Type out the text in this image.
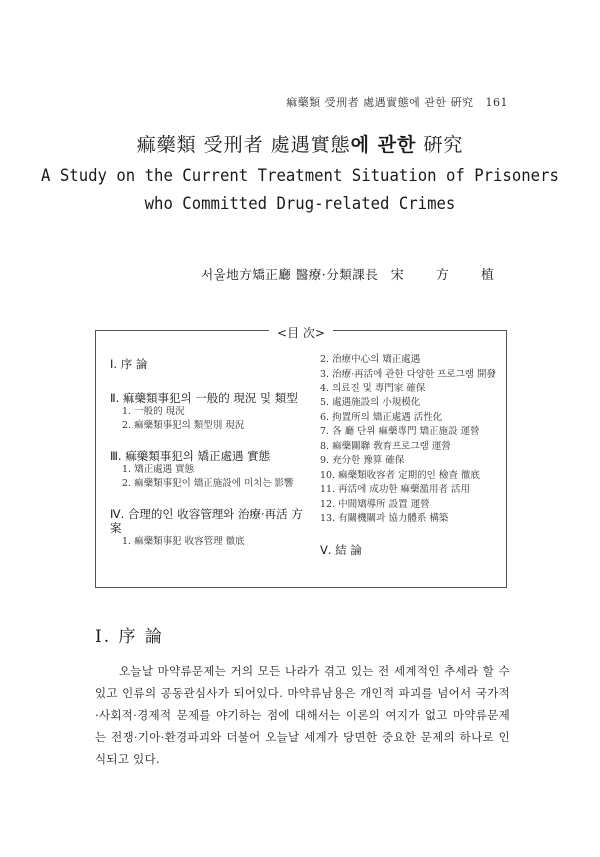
痲藥類 受刑者 處遇實態에 관한 硏究 161
痲藥類 受刑者 處遇實態에 관한 硏究
A Study on the Current Treatment Situation of Prisoners
who Committed Drug-related Crimes
서울地方矯正廳 醫療·分類課長 宋 方 植
<目 次>
Ⅰ. 序 論
Ⅱ. 痲藥類事犯의 一般的 現況 및 類型
1. 一般的 現況
2. 痲藥類事犯의 類型別 現況
Ⅲ. 痲藥類事犯의 矯正處遇 實態
1. 矯正處遇 實態
2. 痲藥類事犯이 矯正施設에 미치는 影響
Ⅳ. 合理的인 收容管理와 治療·再活 方案
1. 痲藥類事犯 收容管理 徹底
2. 治療中心의 矯正處遇
3. 治療·再活에 관한 다양한 프로그램 開發
4. 의료진 및 專門家 確保
5. 處遇施設의 小規模化
6. 拘置所의 矯正處遇 活性化
7. 各 廳 단위 痲藥專門 矯正施設 運營
8. 痲藥關聯 敎育프로그램 運營
9. 充分한 豫算 確保
10. 痲藥類收容者 定期的인 檢査 徹底
11. 再活에 成功한 痲藥濫用者 活用
12. 中間矯導所 設置 運營
13. 有關機關과 協力體系 構築
Ⅴ. 結 論
Ⅰ. 序 論
오늘날 마약류문제는 거의 모든 나라가 겪고 있는 전 세계적인 추세라 할 수 있고 인류의 공동관심사가 되어있다. 마약류남용은 개인적 파괴를 넘어서 국가적·사회적·경제적 문제를 야기하는 점에 대해서는 이론의 여지가 없고 마약류문제는 전쟁·기아·환경파괴와 더불어 오늘날 세계가 당면한 중요한 문제의 하나로 인식되고 있다.
